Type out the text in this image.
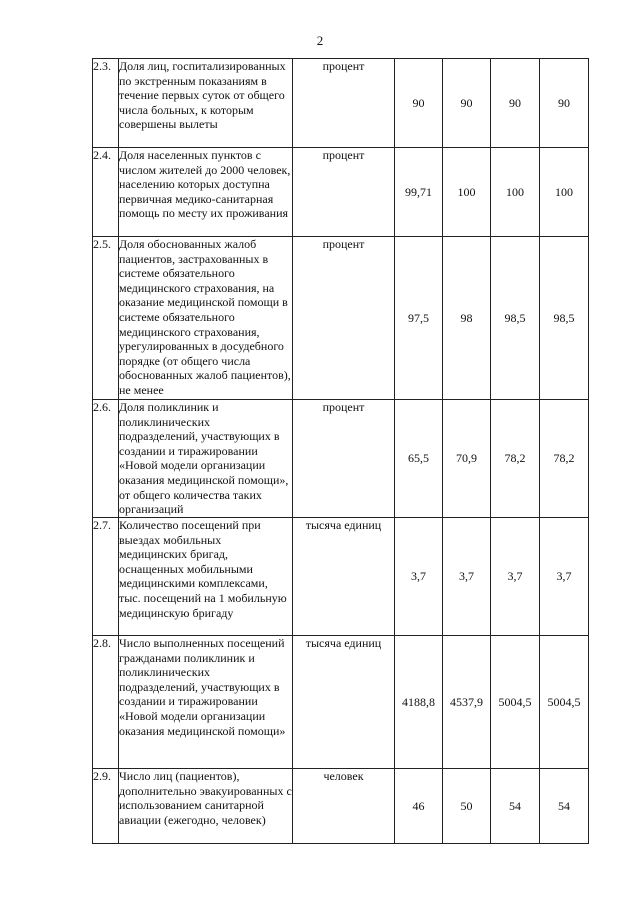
2
2.3.	Доля лиц, госпитализированных по экстренным показаниям в течение первых суток от общего числа больных, к которым совершены вылеты	процент	90	90	90	90
2.4.	Доля населенных пунктов с числом жителей до 2000 человек, населению которых доступна первичная медико-санитарная помощь по месту их проживания	процент	99,71	100	100	100
2.5.	Доля обоснованных жалоб пациентов, застрахованных в системе обязательного медицинского страхования, на оказание медицинской помощи в системе обязательного медицинского страхования, урегулированных в досудебного порядке (от общего числа обоснованных жалоб пациентов), не менее	процент	97,5	98	98,5	98,5
2.6.	Доля поликлиник и поликлинических подразделений, участвующих в создании и тиражировании «Новой модели организации оказания медицинской помощи», от общего количества таких организаций	процент	65,5	70,9	78,2	78,2
2.7.	Количество посещений при выездах мобильных медицинских бригад, оснащенных мобильными медицинскими комплексами, тыс. посещений на 1 мобильную медицинскую бригаду	тысяча единиц	3,7	3,7	3,7	3,7
2.8.	Число выполненных посещений гражданами поликлиник и поликлинических подразделений, участвующих в создании и тиражировании «Новой модели организации оказания медицинской помощи»	тысяча единиц	4188,8	4537,9	5004,5	5004,5
2.9.	Число лиц (пациентов), дополнительно эвакуированных с использованием санитарной авиации (ежегодно, человек)	человек	46	50	54	54
